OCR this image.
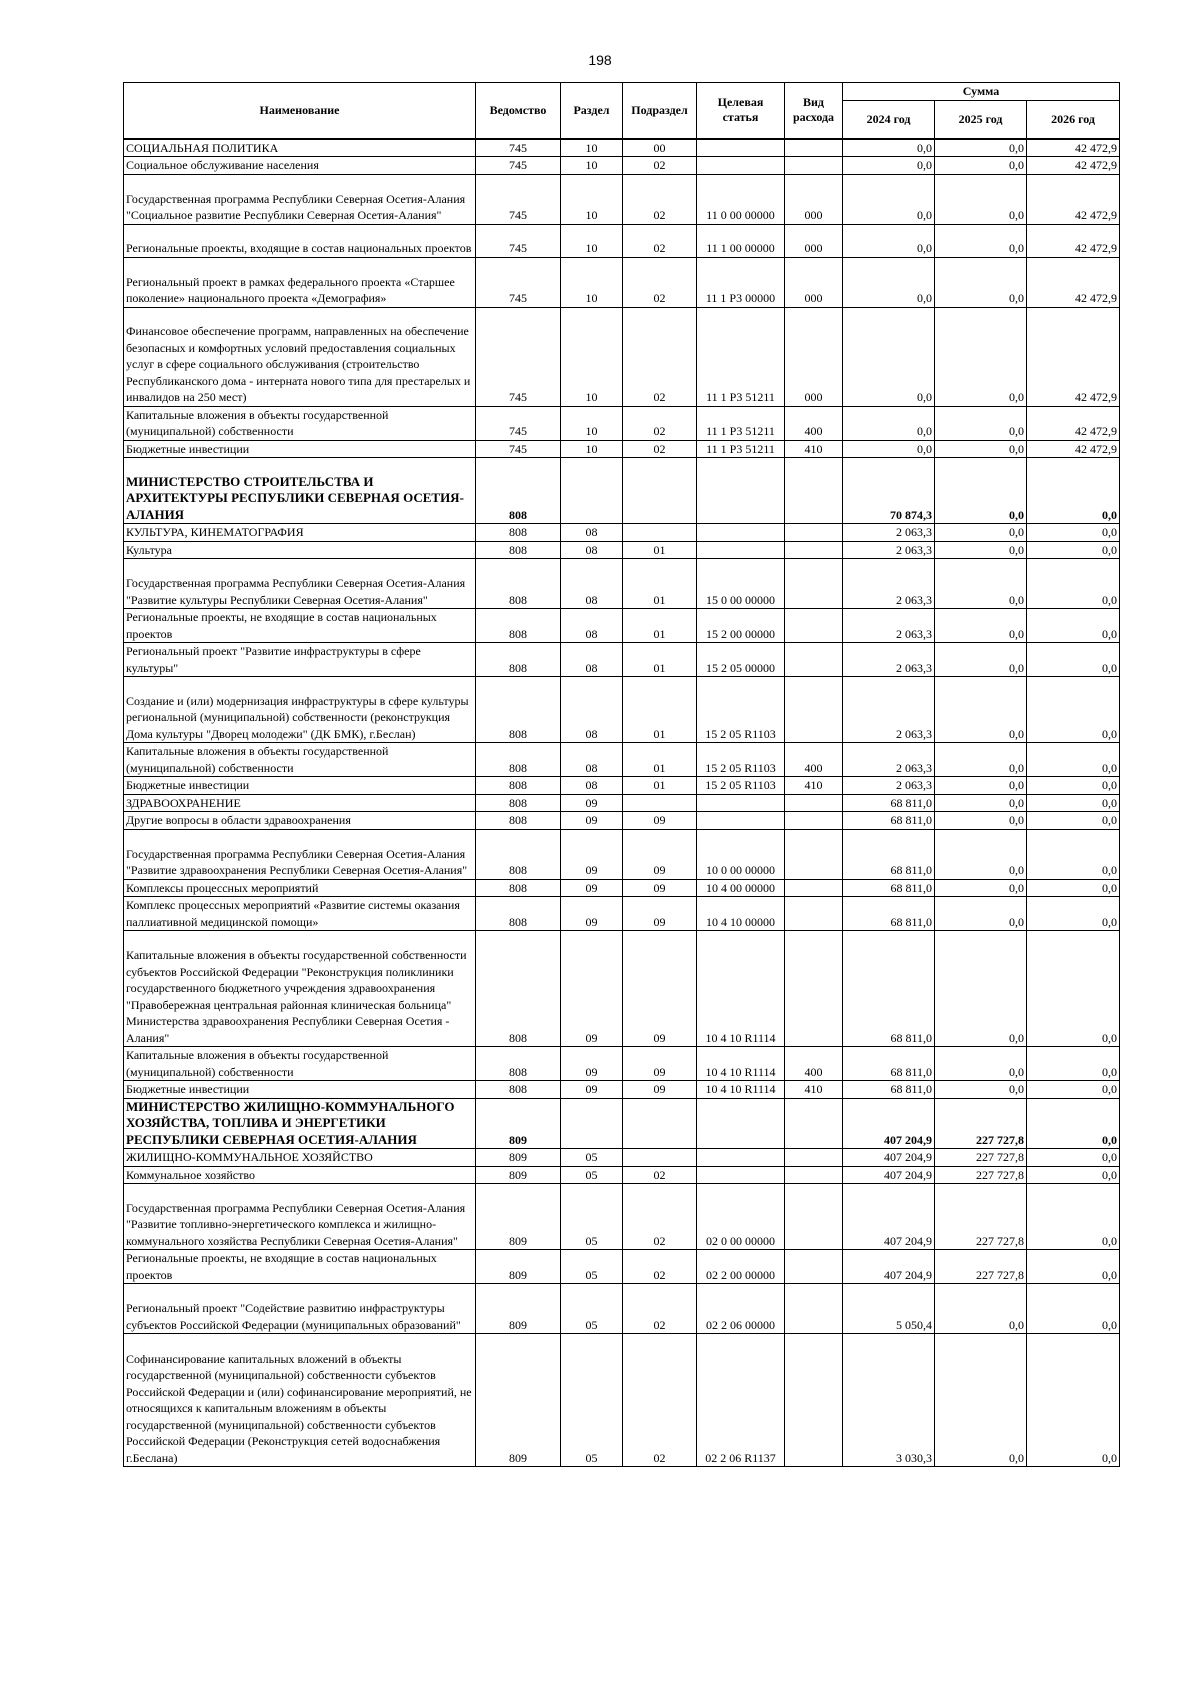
198
Наименование	Ведомство	Раздел	Подраздел	Целевая статья	Вид расхода	Сумма		
						2024 год	2025 год	2026 год
СОЦИАЛЬНАЯ ПОЛИТИКА	745	10	00			0,0	0,0	42 472,9
Социальное обслуживание населения	745	10	02			0,0	0,0	42 472,9
Государственная программа Республики Северная Осетия-Алания "Социальное развитие Республики Северная Осетия-Алания"	745	10	02	11 0 00 00000	000	0,0	0,0	42 472,9
Региональные проекты, входящие в состав национальных проектов	745	10	02	11 1 00 00000	000	0,0	0,0	42 472,9
Региональный проект в рамках федерального проекта «Старшее поколение» национального проекта «Демография»	745	10	02	11 1 P3 00000	000	0,0	0,0	42 472,9
Финансовое обеспечение программ, направленных на обеспечение безопасных и комфортных условий предоставления социальных услуг в сфере социального обслуживания (строительство Республиканского дома - интерната нового типа для престарелых и инвалидов на 250 мест)	745	10	02	11 1 P3 51211	000	0,0	0,0	42 472,9
Капитальные вложения в объекты государственной (муниципальной) собственности	745	10	02	11 1 P3 51211	400	0,0	0,0	42 472,9
Бюджетные инвестиции	745	10	02	11 1 P3 51211	410	0,0	0,0	42 472,9
МИНИСТЕРСТВО СТРОИТЕЛЬСТВА И АРХИТЕКТУРЫ РЕСПУБЛИКИ СЕВЕРНАЯ ОСЕТИЯ-АЛАНИЯ	808					70 874,3	0,0	0,0
КУЛЬТУРА, КИНЕМАТОГРАФИЯ	808	08				2 063,3	0,0	0,0
Культура	808	08	01			2 063,3	0,0	0,0
Государственная программа Республики Северная Осетия-Алания "Развитие культуры Республики Северная Осетия-Алания"	808	08	01	15 0 00 00000		2 063,3	0,0	0,0
Региональные проекты, не входящие в состав национальных проектов	808	08	01	15 2 00 00000		2 063,3	0,0	0,0
Региональный проект "Развитие инфраструктуры в сфере культуры"	808	08	01	15 2 05 00000		2 063,3	0,0	0,0
Создание и (или) модернизация инфраструктуры в сфере культуры региональной (муниципальной) собственности (реконструкция Дома культуры "Дворец молодежи" (ДК БМК), г.Беслан)	808	08	01	15 2 05 R1103		2 063,3	0,0	0,0
Капитальные вложения в объекты государственной (муниципальной) собственности	808	08	01	15 2 05 R1103	400	2 063,3	0,0	0,0
Бюджетные инвестиции	808	08	01	15 2 05 R1103	410	2 063,3	0,0	0,0
ЗДРАВООХРАНЕНИЕ	808	09				68 811,0	0,0	0,0
Другие вопросы в области здравоохранения	808	09	09			68 811,0	0,0	0,0
Государственная программа Республики Северная Осетия-Алания "Развитие здравоохранения Республики Северная Осетия-Алания"	808	09	09	10 0 00 00000		68 811,0	0,0	0,0
Комплексы процессных мероприятий	808	09	09	10 4 00 00000		68 811,0	0,0	0,0
Комплекс процессных мероприятий «Развитие системы оказания паллиативной медицинской помощи»	808	09	09	10 4 10 00000		68 811,0	0,0	0,0
Капитальные вложения в объекты государственной собственности субъектов Российской Федерации "Реконструкция поликлиники государственного бюджетного учреждения здравоохранения "Правобережная центральная районная клиническая больница" Министерства здравоохранения Республики Северная Осетия - Алания"	808	09	09	10 4 10 R1114		68 811,0	0,0	0,0
Капитальные вложения в объекты государственной (муниципальной) собственности	808	09	09	10 4 10 R1114	400	68 811,0	0,0	0,0
Бюджетные инвестиции	808	09	09	10 4 10 R1114	410	68 811,0	0,0	0,0
МИНИСТЕРСТВО ЖИЛИЩНО-КОММУНАЛЬНОГО ХОЗЯЙСТВА, ТОПЛИВА И ЭНЕРГЕТИКИ РЕСПУБЛИКИ СЕВЕРНАЯ ОСЕТИЯ-АЛАНИЯ	809					407 204,9	227 727,8	0,0
ЖИЛИЩНО-КОММУНАЛЬНОЕ ХОЗЯЙСТВО	809	05				407 204,9	227 727,8	0,0
Коммунальное хозяйство	809	05	02			407 204,9	227 727,8	0,0
Государственная программа Республики Северная Осетия-Алания "Развитие топливно-энергетического комплекса и жилищно-коммунального хозяйства Республики Северная Осетия-Алания"	809	05	02	02 0 00 00000		407 204,9	227 727,8	0,0
Региональные проекты, не входящие в состав национальных проектов	809	05	02	02 2 00 00000		407 204,9	227 727,8	0,0
Региональный проект "Содействие развитию инфраструктуры субъектов Российской Федерации (муниципальных образований"	809	05	02	02 2 06 00000		5 050,4	0,0	0,0
Софинансирование капитальных вложений в объекты государственной (муниципальной) собственности субъектов Российской Федерации и (или) софинансирование мероприятий, не относящихся к капитальным вложениям в объекты государственной (муниципальной) собственности субъектов Российской Федерации (Реконструкция сетей водоснабжения г.Беслана)	809	05	02	02 2 06 R1137		3 030,3	0,0	0,0
